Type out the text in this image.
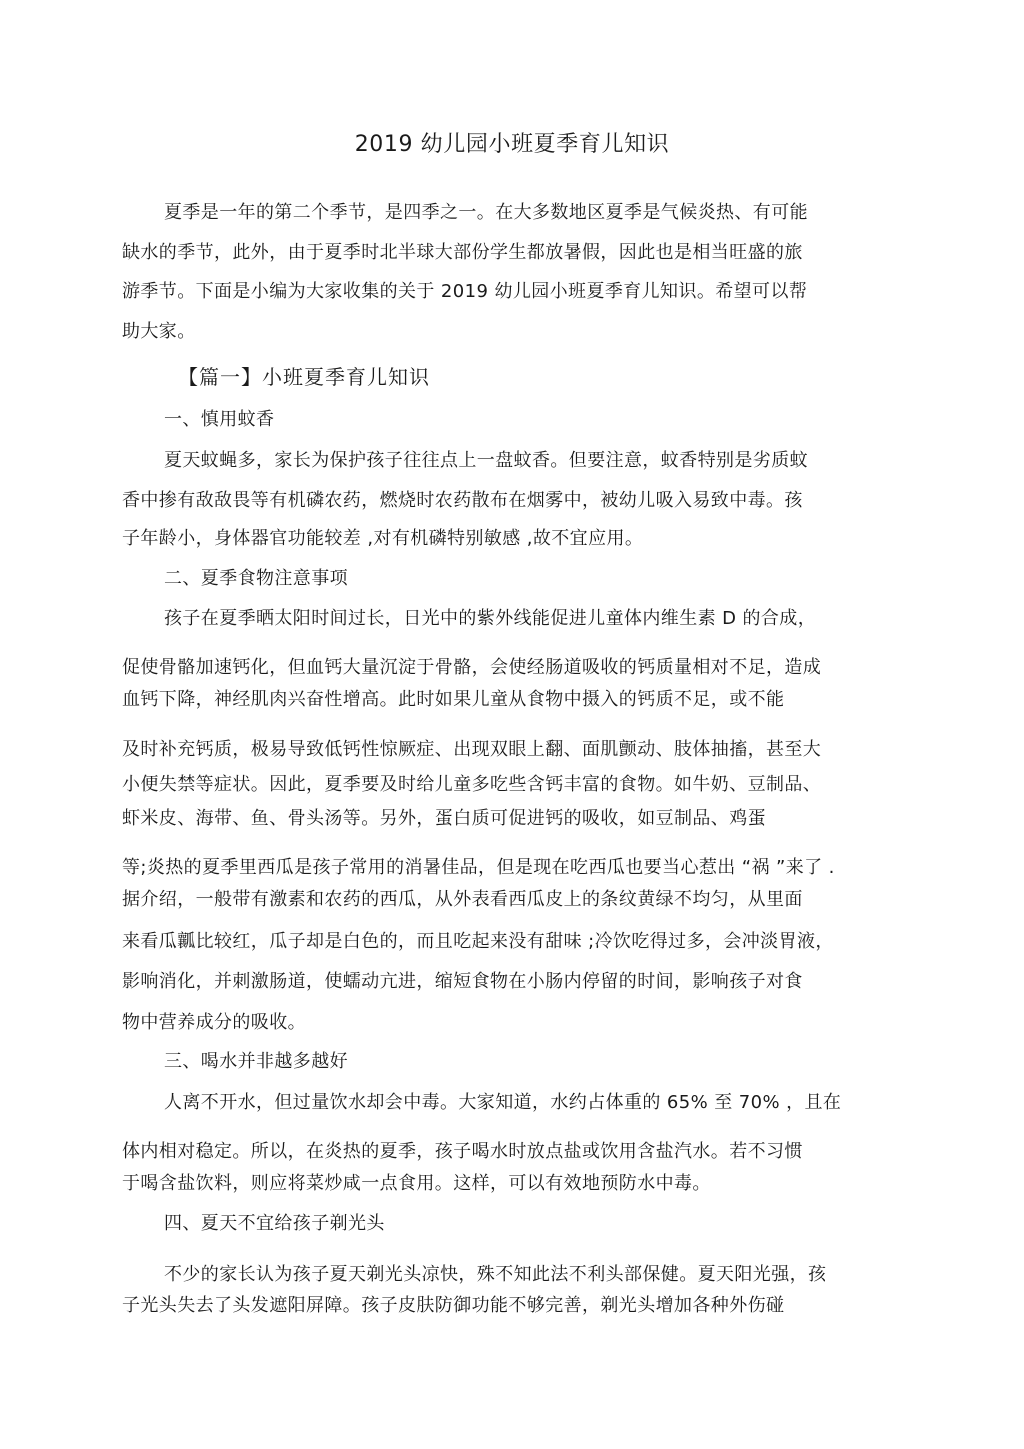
2019 幼儿园小班夏季育儿知识
夏季是一年的第二个季节，是四季之一。在大多数地区夏季是气候炎热、有可能
缺水的季节，此外，由于夏季时北半球大部份学生都放暑假，因此也是相当旺盛的旅
游季节。下面是小编为大家收集的关于 2019 幼儿园小班夏季育儿知识。希望可以帮
助大家。
【篇一】小班夏季育儿知识
一、慎用蚊香
夏天蚊蝇多，家长为保护孩子往往点上一盘蚊香。但要注意，蚊香特别是劣质蚊
香中掺有敌敌畏等有机磷农药，燃烧时农药散布在烟雾中，被幼儿吸入易致中毒。孩
子年龄小，身体器官功能较差 ,对有机磷特别敏感 ,故不宜应用。
二、夏季食物注意事项
孩子在夏季晒太阳时间过长，日光中的紫外线能促进儿童体内维生素 D 的合成，
促使骨骼加速钙化，但血钙大量沉淀于骨骼，会使经肠道吸收的钙质量相对不足，造成
血钙下降，神经肌肉兴奋性增高。此时如果儿童从食物中摄入的钙质不足，或不能
及时补充钙质，极易导致低钙性惊厥症、出现双眼上翻、面肌颤动、肢体抽搐，甚至大
小便失禁等症状。因此，夏季要及时给儿童多吃些含钙丰富的食物。如牛奶、豆制品、
虾米皮、海带、鱼、骨头汤等。另外，蛋白质可促进钙的吸收，如豆制品、鸡蛋
等;炎热的夏季里西瓜是孩子常用的消暑佳品，但是现在吃西瓜也要当心惹出 “祸 ”来了 .
据介绍，一般带有激素和农药的西瓜，从外表看西瓜皮上的条纹黄绿不均匀，从里面
来看瓜瓤比较红，瓜子却是白色的，而且吃起来没有甜味 ;冷饮吃得过多，会冲淡胃液，
影响消化，并刺激肠道，使蠕动亢进，缩短食物在小肠内停留的时间，影响孩子对食
物中营养成分的吸收。
三、喝水并非越多越好
人离不开水，但过量饮水却会中毒。大家知道，水约占体重的 65% 至 70% ，且在
体内相对稳定。所以，在炎热的夏季，孩子喝水时放点盐或饮用含盐汽水。若不习惯
于喝含盐饮料，则应将菜炒咸一点食用。这样，可以有效地预防水中毒。
四、夏天不宜给孩子剃光头
不少的家长认为孩子夏天剃光头凉快，殊不知此法不利头部保健。夏天阳光强，孩
子光头失去了头发遮阳屏障。孩子皮肤防御功能不够完善，剃光头增加各种外伤碰
